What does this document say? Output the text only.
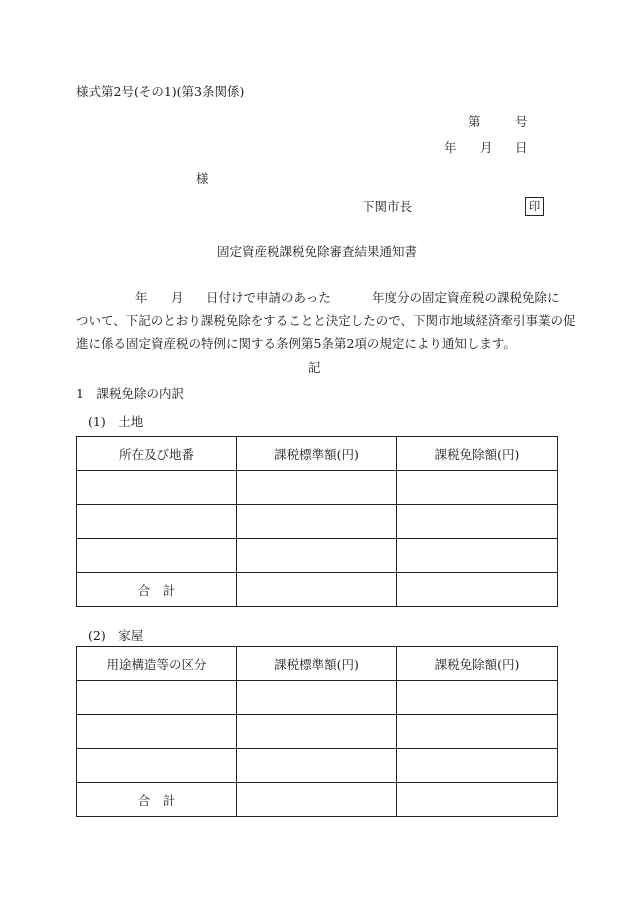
様式第2号(その1)(第3条関係)
第	号
年 月 日
様
下関市長	印
固定資産税課税免除審査結果通知書
年 月 日付けで申請のあった	年度分の固定資産税の課税免除に
ついて、下記のとおり課税免除をすることと決定したので、下関市地域経済牽引事業の促
進に係る固定資産税の特例に関する条例第5条第2項の規定により通知します。
記
1　課税免除の内訳
(1)　土地
所在及び地番	課税標準額(円)	課税免除額(円)

合　計		
(2)　家屋
用途構造等の区分	課税標準額(円)	課税免除額(円)

合　計		
